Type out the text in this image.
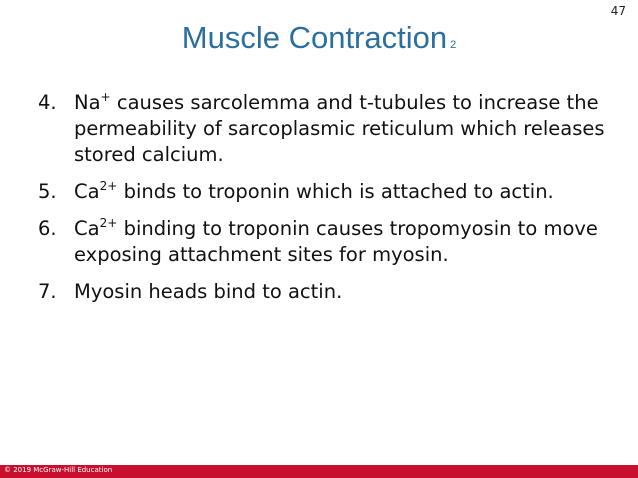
47
Muscle Contraction 2
4. Na+ causes sarcolemma and t-tubules to increase the permeability of sarcoplasmic reticulum which releases stored calcium.
5. $Ca^{2+}$ binds to troponin which is attached to actin.
6. $Ca^{2+}$ binding to troponin causes tropomyosin to move exposing attachment sites for myosin.
7. Myosin heads bind to actin.
© 2019 McGraw-Hill Education
